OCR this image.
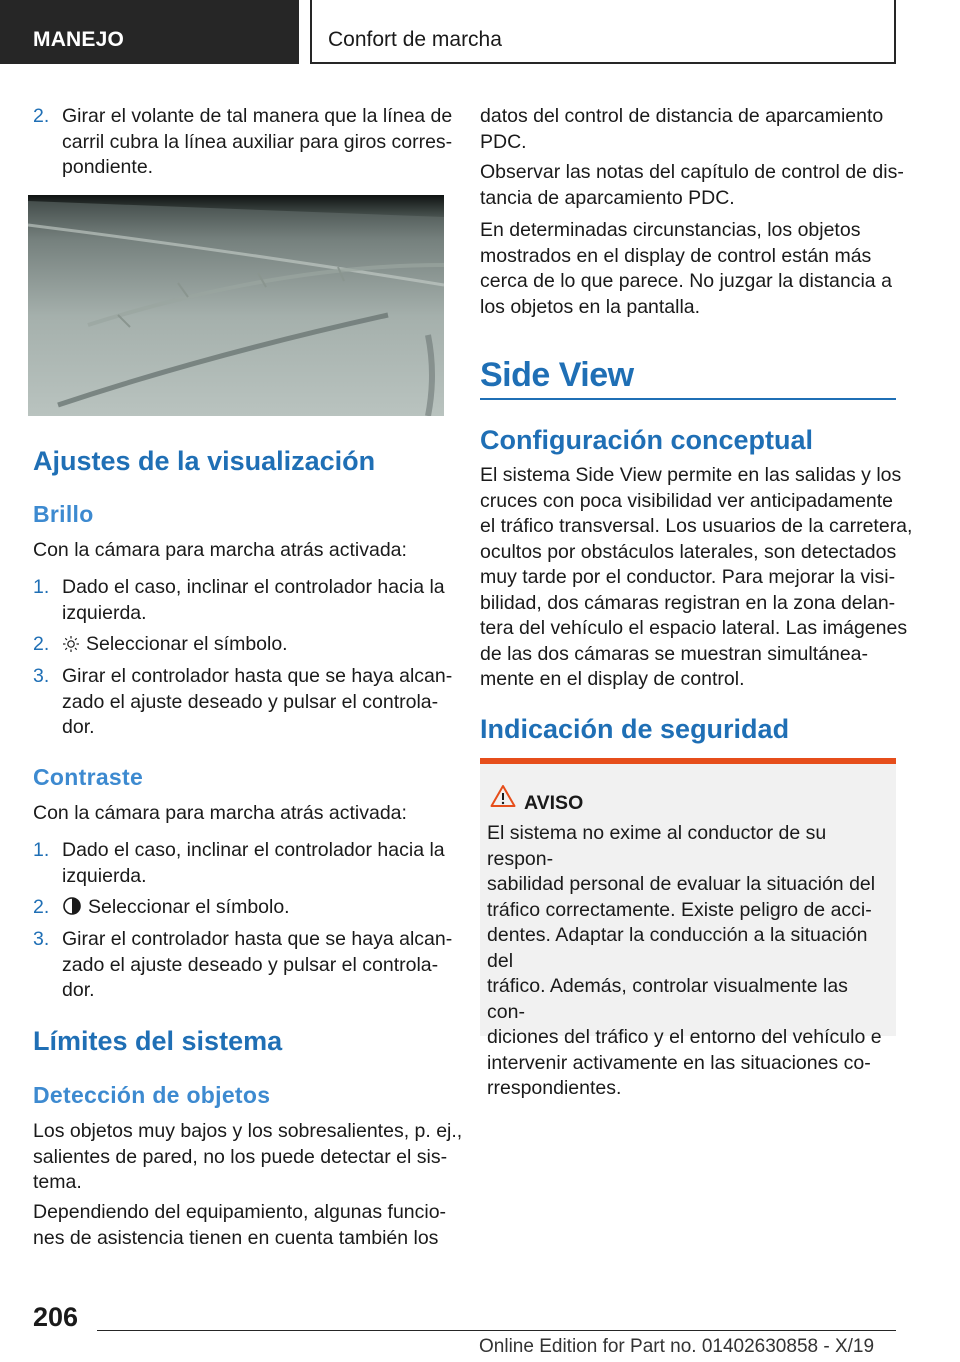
MANEJO	Confort de marcha
2. Girar el volante de tal manera que la línea de
carril cubra la línea auxiliar para giros corres‐
pondiente.
Ajustes de la visualización
Brillo
Con la cámara para marcha atrás activada:
1. Dado el caso, inclinar el controlador hacia la
izquierda.
2.	Seleccionar el símbolo.
3. Girar el controlador hasta que se haya alcan‐
zado el ajuste deseado y pulsar el controla‐
dor.
Contraste
Con la cámara para marcha atrás activada:
1. Dado el caso, inclinar el controlador hacia la
izquierda.
2.	Seleccionar el símbolo.
3. Girar el controlador hasta que se haya alcan‐
zado el ajuste deseado y pulsar el controla‐
dor.
Límites del sistema
Detección de objetos
Los objetos muy bajos y los sobresalientes, p. ej.,
salientes de pared, no los puede detectar el sis‐
tema.
Dependiendo del equipamiento, algunas funcio‐
nes de asistencia tienen en cuenta también los
datos del control de distancia de aparcamiento
PDC.
Observar las notas del capítulo de control de dis‐
tancia de aparcamiento PDC.
En determinadas circunstancias, los objetos
mostrados en el display de control están más
cerca de lo que parece. No juzgar la distancia a
los objetos en la pantalla.
Side View
Configuración conceptual
El sistema Side View permite en las salidas y los
cruces con poca visibilidad ver anticipadamente
el tráfico transversal. Los usuarios de la carretera,
ocultos por obstáculos laterales, son detectados
muy tarde por el conductor. Para mejorar la visi‐
bilidad, dos cámaras registran en la zona delan‐
tera del vehículo el espacio lateral. Las imágenes
de las dos cámaras se muestran simultánea‐
mente en el display de control.
Indicación de seguridad
AVISO
El sistema no exime al conductor de su respon‐
sabilidad personal de evaluar la situación del
tráfico correctamente. Existe peligro de acci‐
dentes. Adaptar la conducción a la situación del
tráfico. Además, controlar visualmente las con‐
diciones del tráfico y el entorno del vehículo e
intervenir activamente en las situaciones co‐
rrespondientes.
206
Online Edition for Part no. 01402630858 - X/19
